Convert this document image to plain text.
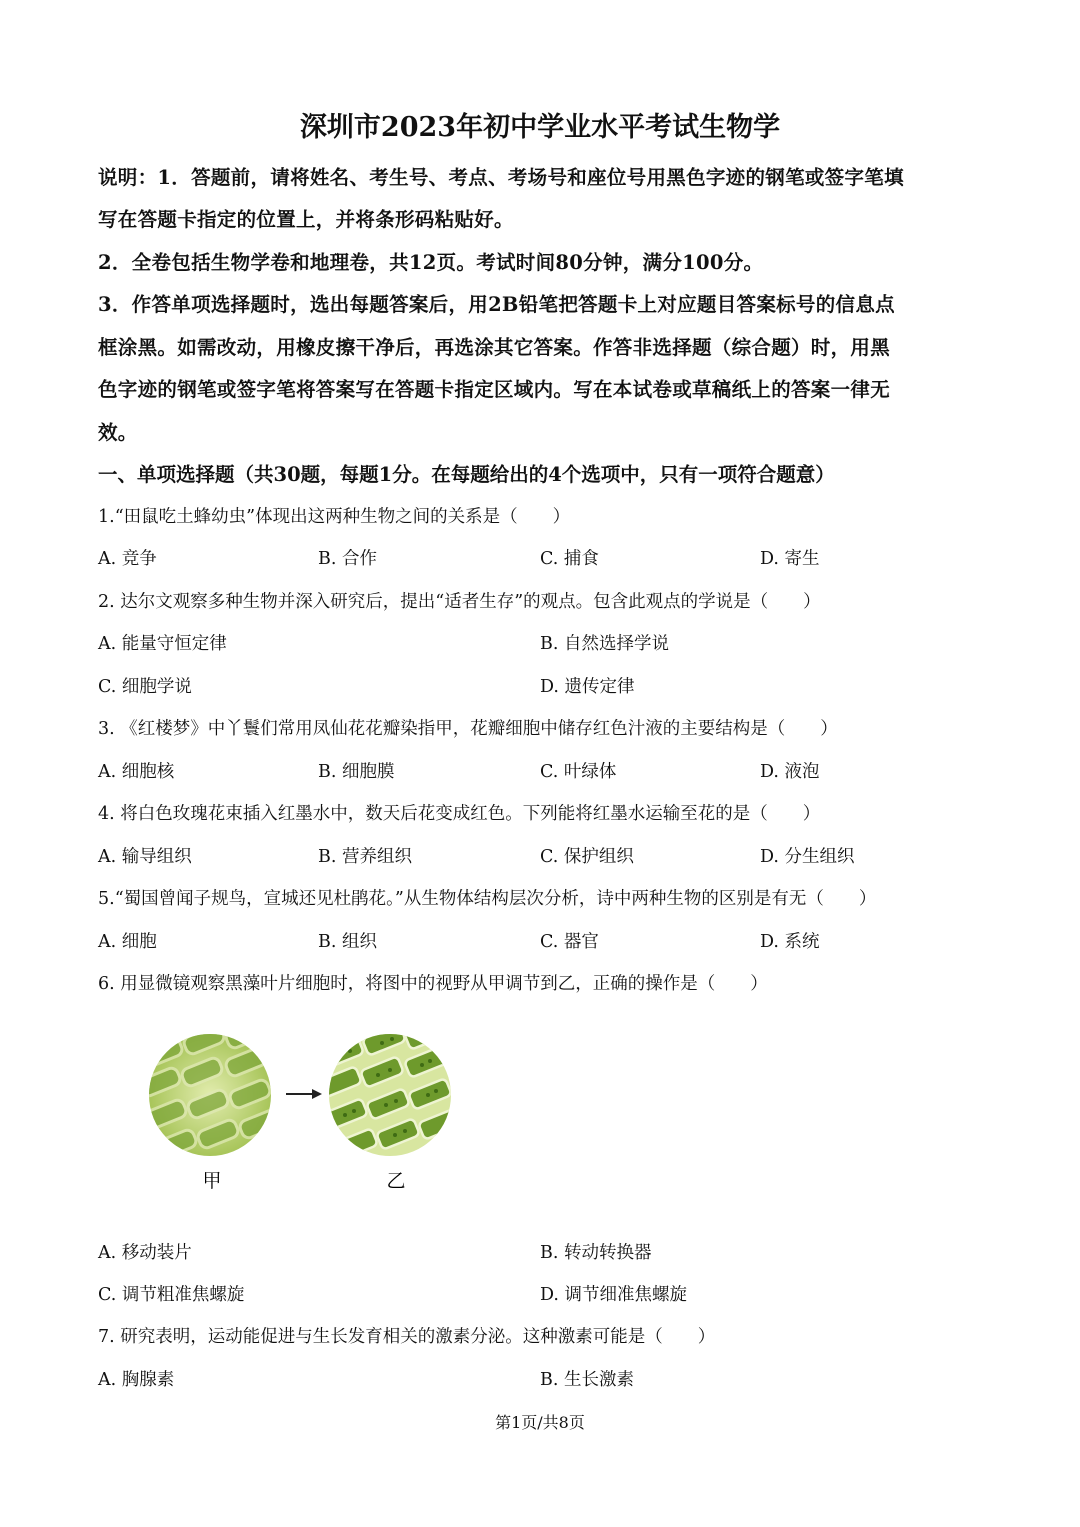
深圳市2023年初中学业水平考试生物学
说明：1．答题前，请将姓名、考生号、考点、考场号和座位号用黑色字迹的钢笔或签字笔填
写在答题卡指定的位置上，并将条形码粘贴好。
2．全卷包括生物学卷和地理卷，共12页。考试时间80分钟，满分100分。
3．作答单项选择题时，选出每题答案后，用2B铅笔把答题卡上对应题目答案标号的信息点
框涂黑。如需改动，用橡皮擦干净后，再选涂其它答案。作答非选择题（综合题）时，用黑
色字迹的钢笔或签字笔将答案写在答题卡指定区域内。写在本试卷或草稿纸上的答案一律无
效。
一、单项选择题（共30题，每题1分。在每题给出的4个选项中，只有一项符合题意）
1.“田鼠吃土蜂幼虫”体现出这两种生物之间的关系是（　　）
A. 竞争	B. 合作	C. 捕食	D. 寄生
2. 达尔文观察多种生物并深入研究后，提出“适者生存”的观点。包含此观点的学说是（　　）
A. 能量守恒定律	B. 自然选择学说
C. 细胞学说	D. 遗传定律
3. 《红楼梦》中丫鬟们常用凤仙花花瓣染指甲，花瓣细胞中储存红色汁液的主要结构是（　　）
A. 细胞核	B. 细胞膜	C. 叶绿体	D. 液泡
4. 将白色玫瑰花束插入红墨水中，数天后花变成红色。下列能将红墨水运输至花的是（　　）
A. 输导组织	B. 营养组织	C. 保护组织	D. 分生组织
5.“蜀国曾闻子规鸟，宣城还见杜鹃花。”从生物体结构层次分析，诗中两种生物的区别是有无（　　）
A. 细胞	B. 组织	C. 器官	D. 系统
6. 用显微镜观察黑藻叶片细胞时，将图中的视野从甲调节到乙，正确的操作是（　　）
甲	乙
A. 移动装片	B. 转动转换器
C. 调节粗准焦螺旋	D. 调节细准焦螺旋
7. 研究表明，运动能促进与生长发育相关的激素分泌。这种激素可能是（　　）
A. 胸腺素	B. 生长激素
第1页/共8页
